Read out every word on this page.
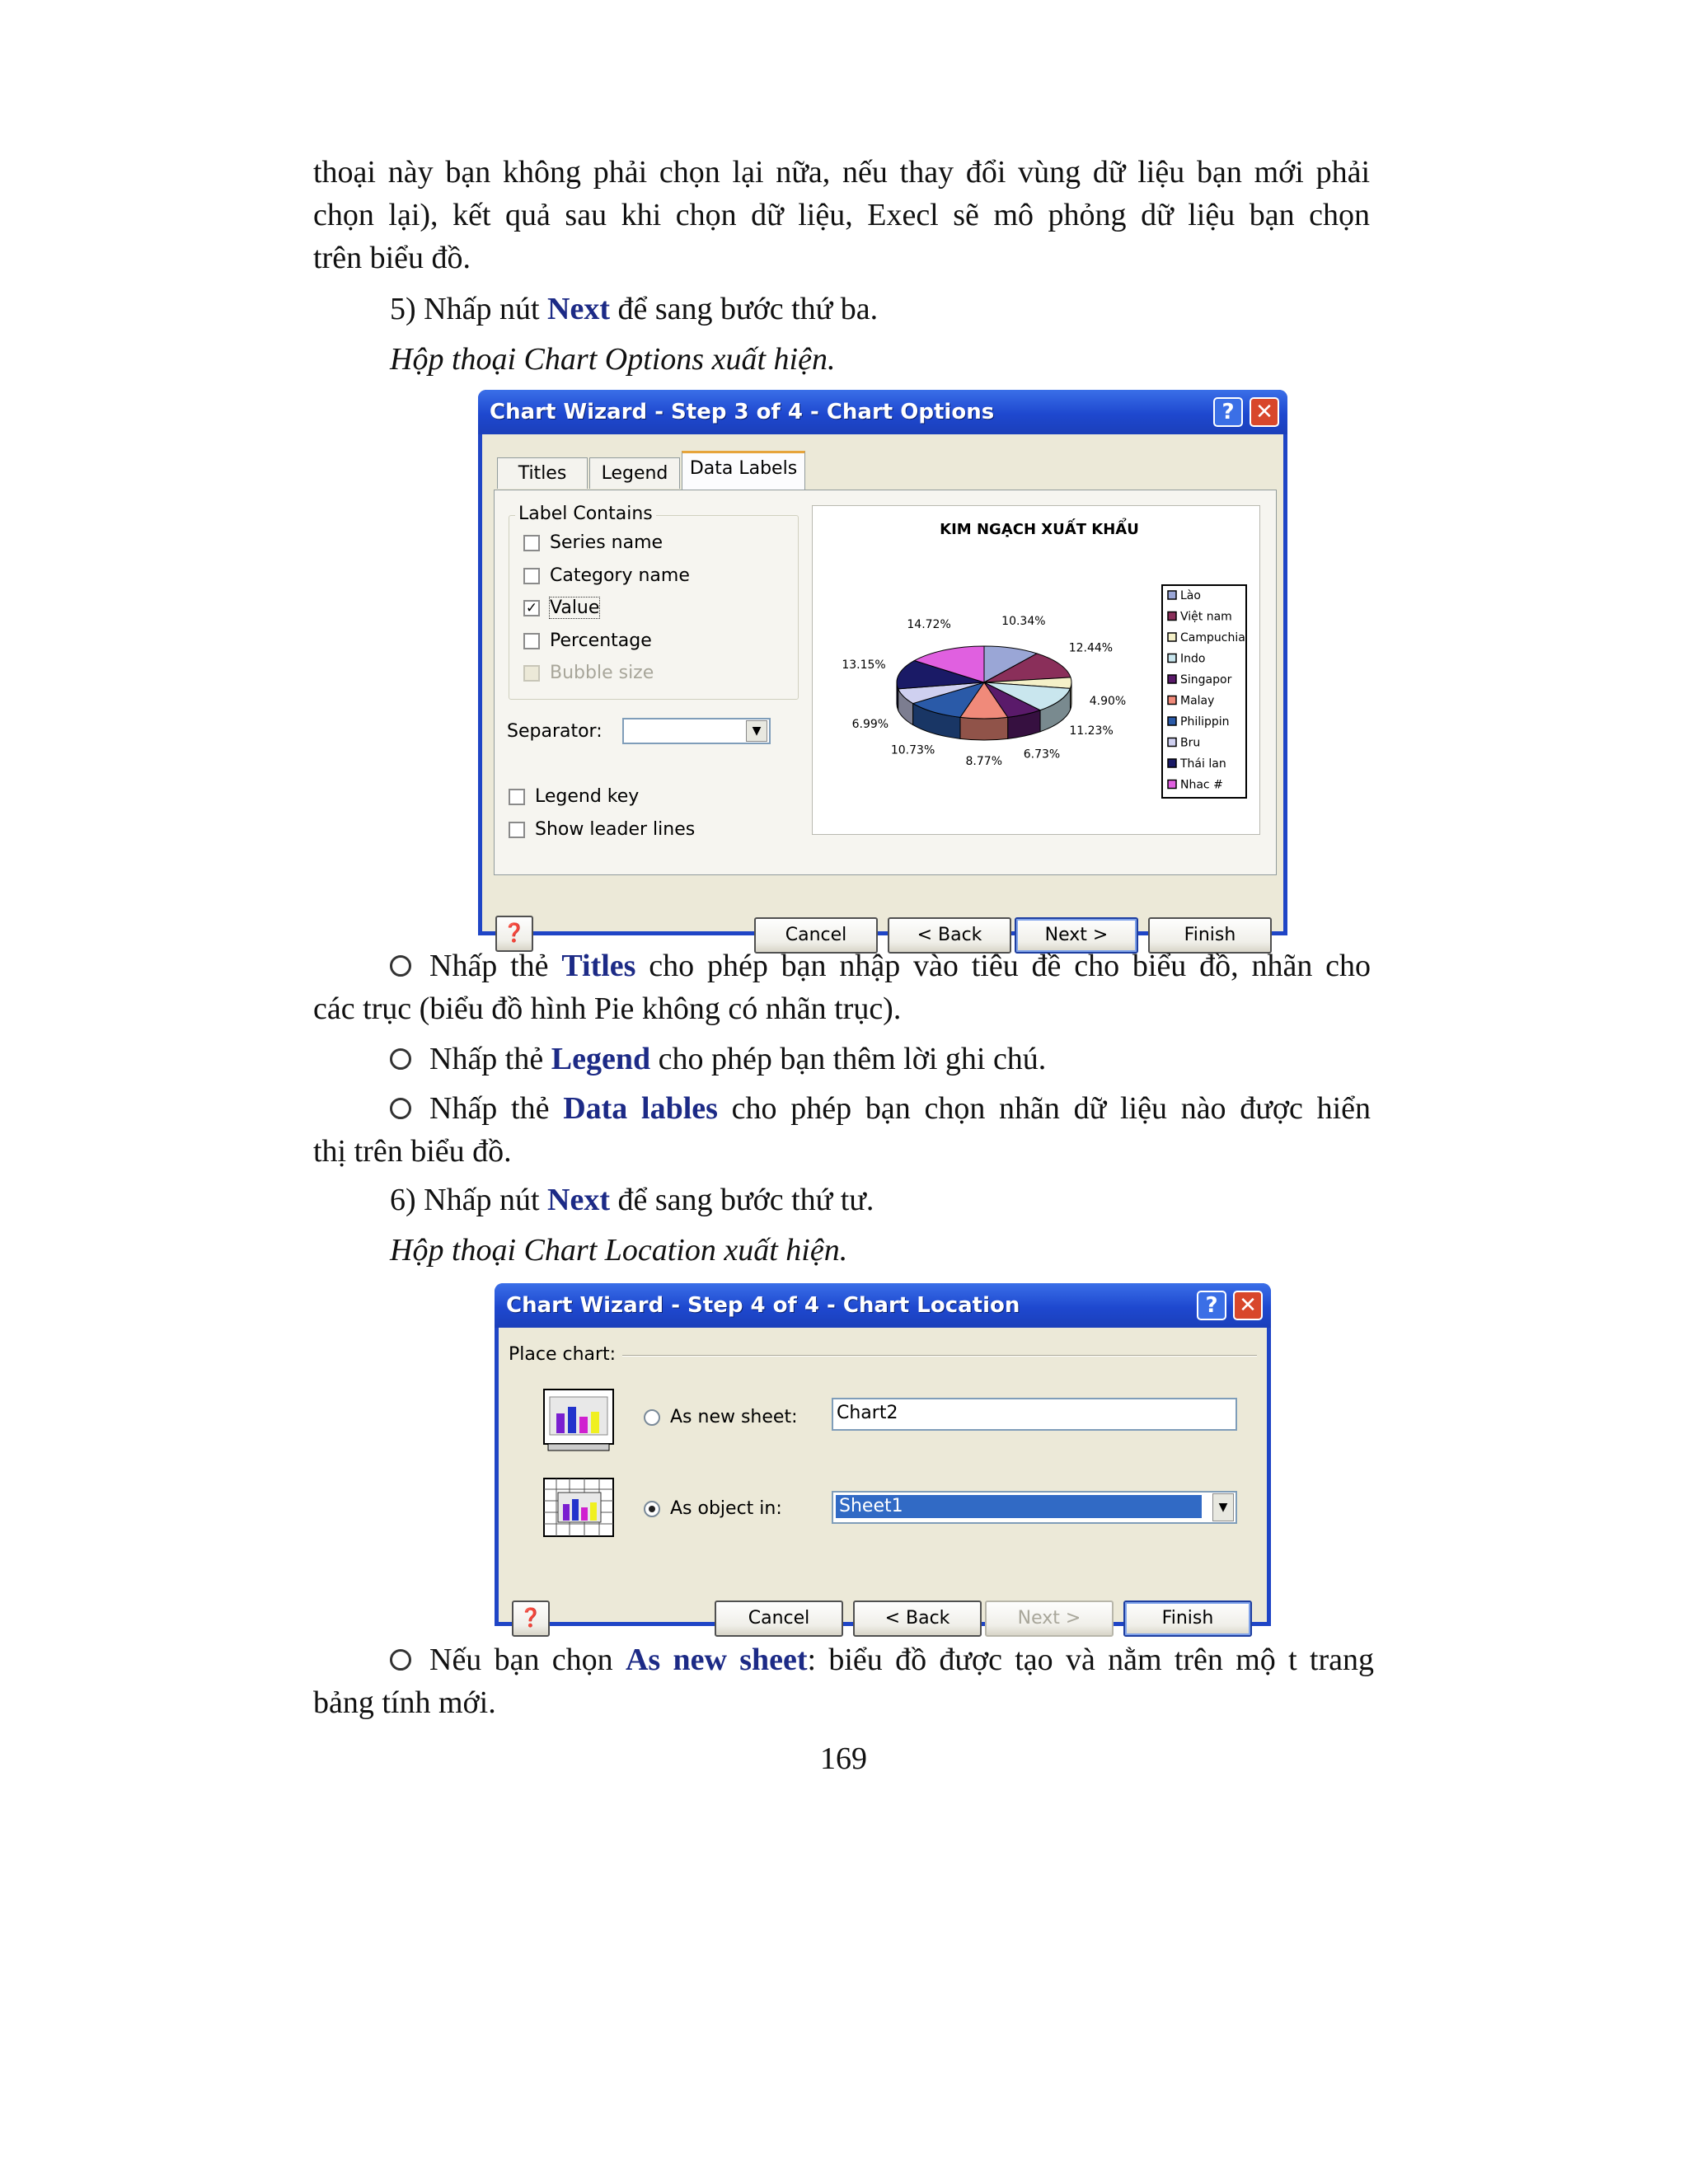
thoại này bạn không phải chọn lại nữa, nếu thay đổi vùng dữ liệu bạn mới phải
chọn lại), kết quả sau khi chọn dữ liệu, Execl sẽ mô phỏng dữ liệu bạn chọn
trên biểu đồ.
5) Nhấp nút Next để sang bước thứ ba.
Hộp thoại Chart Options xuất hiện.
Chart Wizard - Step 3 of 4 - Chart Options	? ✕
Titles	Legend	Data Labels
Label Contains
Series name
Category name
✓ Value
Percentage
Bubble size
Separator:	▼
Legend key
Show leader lines
KIM NGẠCH XUẤT KHẨU
10.34%
12.44%
4.90%
11.23%
6.73%
8.77%
10.73%
6.99%
13.15%
14.72%
Lào
Việt nam
Campuchia
Indo
Singapor
Malay
Philippin
Bru
Thái lan
Nhac #
❓	Cancel	< Back	Next >	Finish
Nhấp thẻ Titles cho phép bạn nhập vào tiêu đề cho biểu đồ, nhãn cho
các trục (biểu đồ hình Pie không có nhãn trục).
Nhấp thẻ Legend cho phép bạn thêm lời ghi chú.
Nhấp thẻ Data lables cho phép bạn chọn nhãn dữ liệu nào được hiển
thị trên biểu đồ.
6) Nhấp nút Next để sang bước thứ tư.
Hộp thoại Chart Location xuất hiện.
Chart Wizard - Step 4 of 4 - Chart Location	? ✕
Place chart:
As new sheet: Chart2
As object in:	Sheet1	▼
❓	Cancel	< Back	Next >	Finish
Nếu bạn chọn As new sheet: biểu đồ được tạo và nằm trên mộ t trang
bảng tính mới.
169
